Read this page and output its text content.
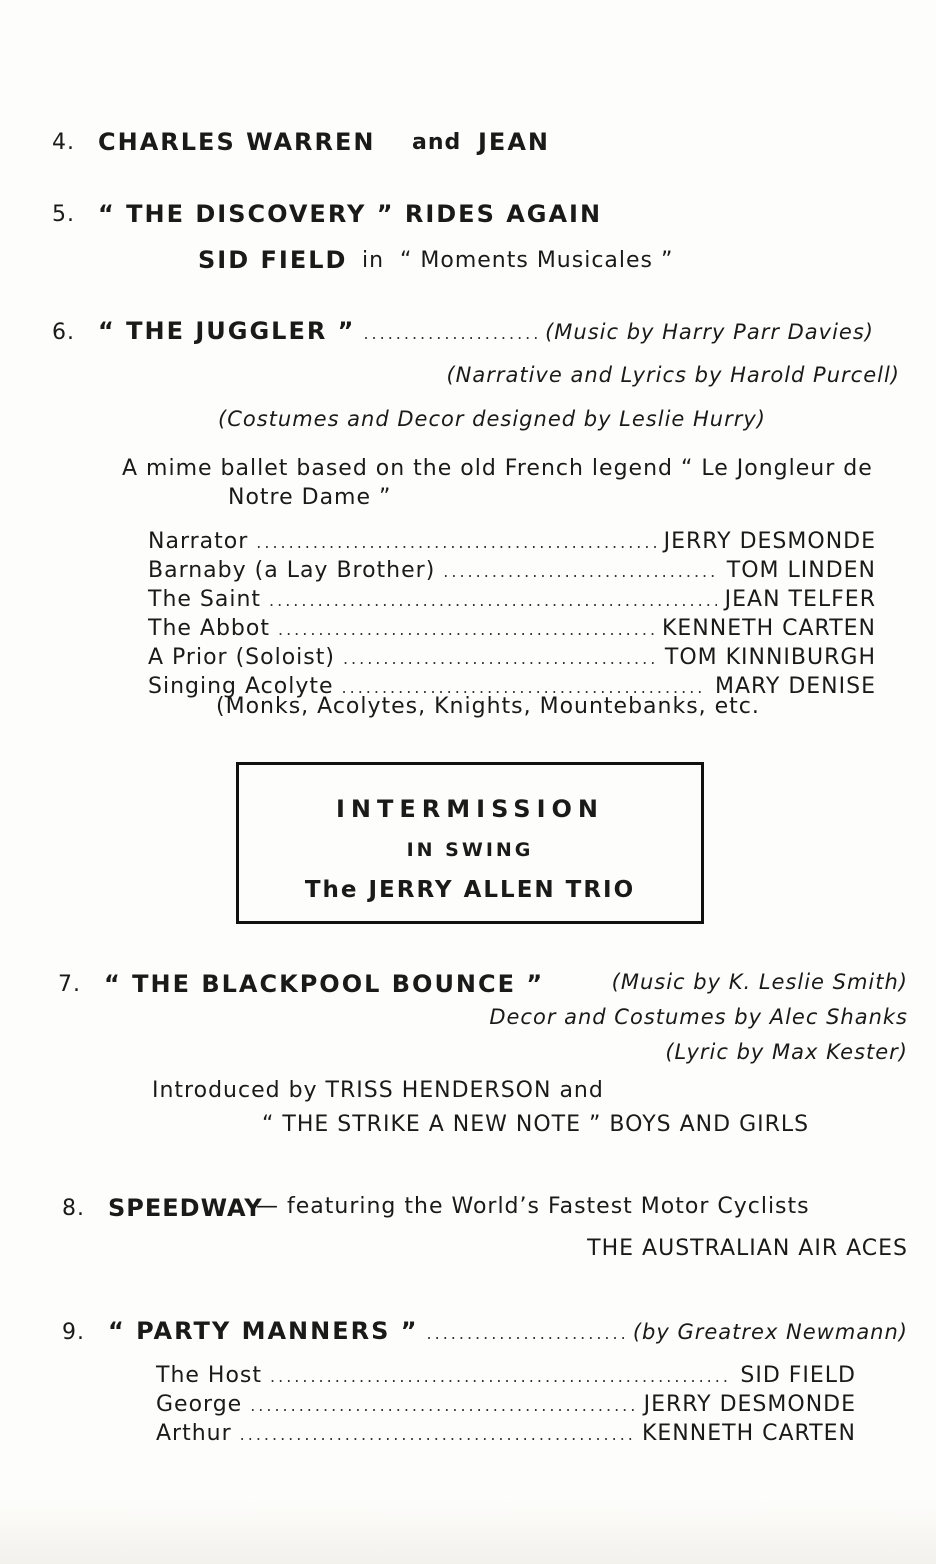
4. CHARLES WARREN and JEAN
5. “ THE DISCOVERY ” RIDES AGAIN
SID FIELD in “ Moments Musicales ”
6. “ THE JUGGLER ” .....	(Music by Harry Parr Davies)
(Narrative and Lyrics by Harold Purcell)
(Costumes and Decor designed by Leslie Hurry)
A mime ballet based on the old French legend “ Le Jongleur de
Notre Dame ”
Narrator .....	JERRY DESMONDE
Barnaby (a Lay Brother) .....	TOM LINDEN
The Saint .....	JEAN TELFER
The Abbot .....	KENNETH CARTEN
A Prior (Soloist) .....	TOM KINNIBURGH
Singing Acolyte .....	MARY DENISE
(Monks, Acolytes, Knights, Mountebanks, etc.
INTERMISSION
IN SWING
The JERRY ALLEN TRIO
7. “ THE BLACKPOOL BOUNCE ”	(Music by K. Leslie Smith)
Decor and Costumes by Alec Shanks
(Lyric by Max Kester)
Introduced by TRISS HENDERSON and
“ THE STRIKE A NEW NOTE ” BOYS AND GIRLS
8. SPEEDWAY
— featuring the World’s Fastest Motor Cyclists
THE AUSTRALIAN AIR ACES
9. “ PARTY MANNERS ” .....	(by Greatrex Newmann)
The Host .....	SID FIELD
George .....	JERRY DESMONDE
Arthur .....	KENNETH CARTEN
